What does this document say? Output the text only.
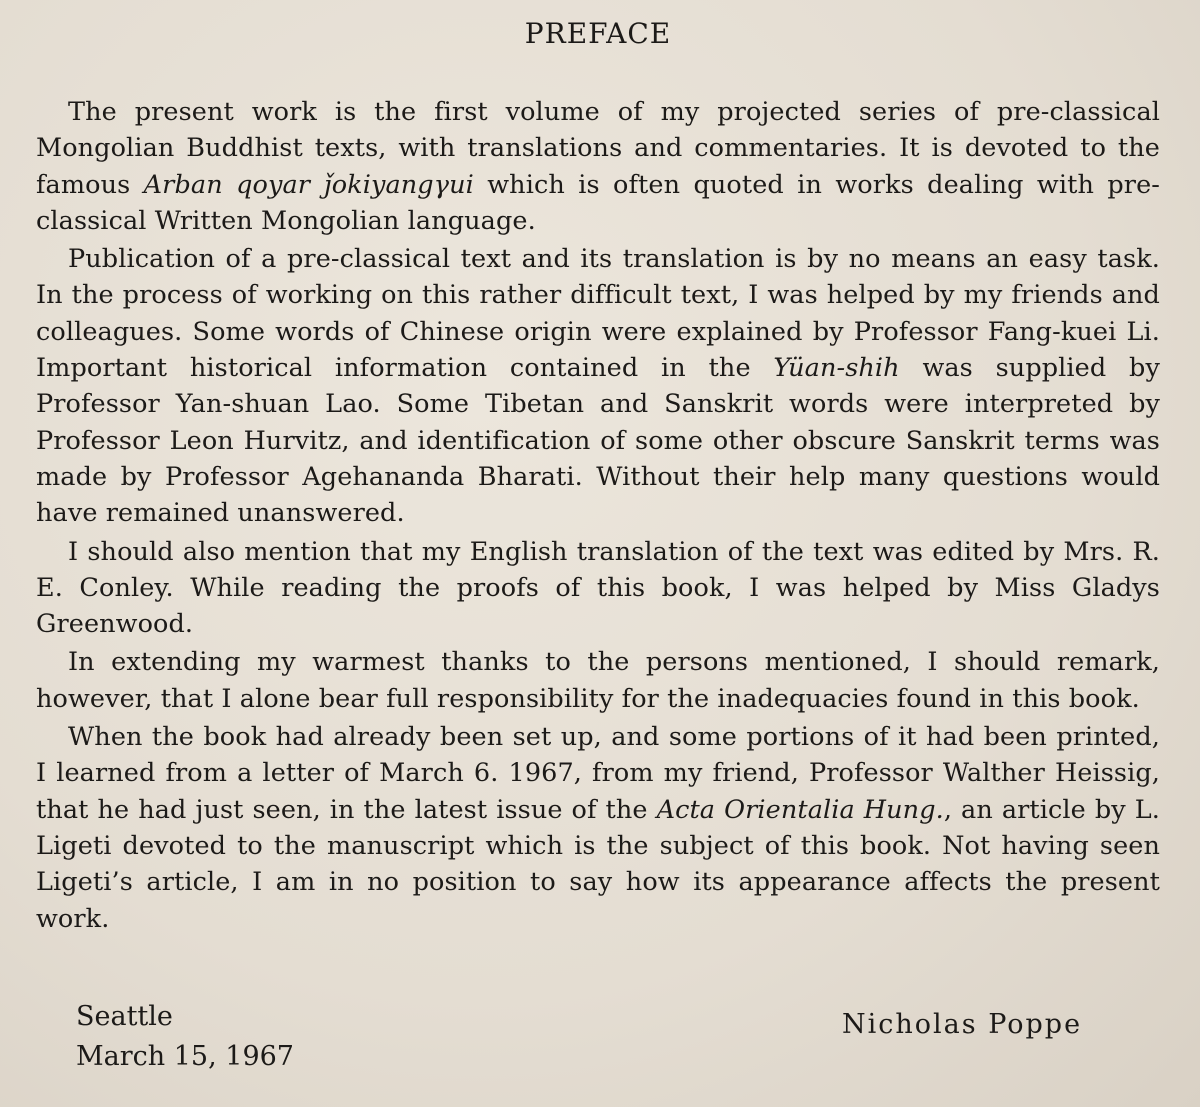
PREFACE

The present work is the first volume of my projected series of pre-classical Mongolian Buddhist texts, with translations and commentaries. It is devoted to the famous Arban qoyar ǰokiyangγui which is often quoted in works dealing with pre-classical Written Mongolian language.

Publication of a pre-classical text and its translation is by no means an easy task. In the process of working on this rather difficult text, I was helped by my friends and colleagues. Some words of Chinese origin were explained by Professor Fang-kuei Li. Important historical information contained in the Yüan-shih was supplied by Professor Yan-shuan Lao. Some Tibetan and Sanskrit words were interpreted by Professor Leon Hurvitz, and identification of some other obscure Sanskrit terms was made by Professor Agehananda Bharati. Without their help many questions would have remained unanswered.

I should also mention that my English translation of the text was edited by Mrs. R. E. Conley. While reading the proofs of this book, I was helped by Miss Gladys Greenwood.

In extending my warmest thanks to the persons mentioned, I should remark, however, that I alone bear full responsibility for the inadequacies found in this book.

When the book had already been set up, and some portions of it had been printed, I learned from a letter of March 6. 1967, from my friend, Professor Walther Heissig, that he had just seen, in the latest issue of the Acta Orientalia Hung., an article by L. Ligeti devoted to the manuscript which is the subject of this book. Not having seen Ligeti’s article, I am in no position to say how its appearance affects the present work.

Seattle
March 15, 1967
Nicholas Poppe
